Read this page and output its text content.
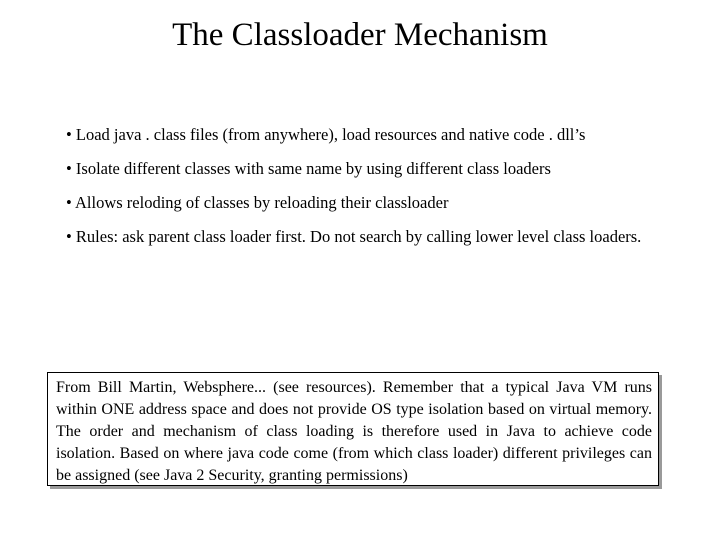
The Classloader Mechanism
• Load java . class files (from anywhere), load resources and native code . dll’s
• Isolate different classes with same name by using different class loaders
• Allows reloding of classes by reloading their classloader
• Rules: ask parent class loader first. Do not search by calling lower level class loaders.
From Bill Martin, Websphere... (see resources). Remember that a typical Java VM runs within ONE address space and does not provide OS type isolation based on virtual memory. The order and mechanism of class loading is therefore used in Java to achieve code isolation. Based on where java code come (from which class loader) different privileges can be assigned (see Java 2 Security, granting permissions)
